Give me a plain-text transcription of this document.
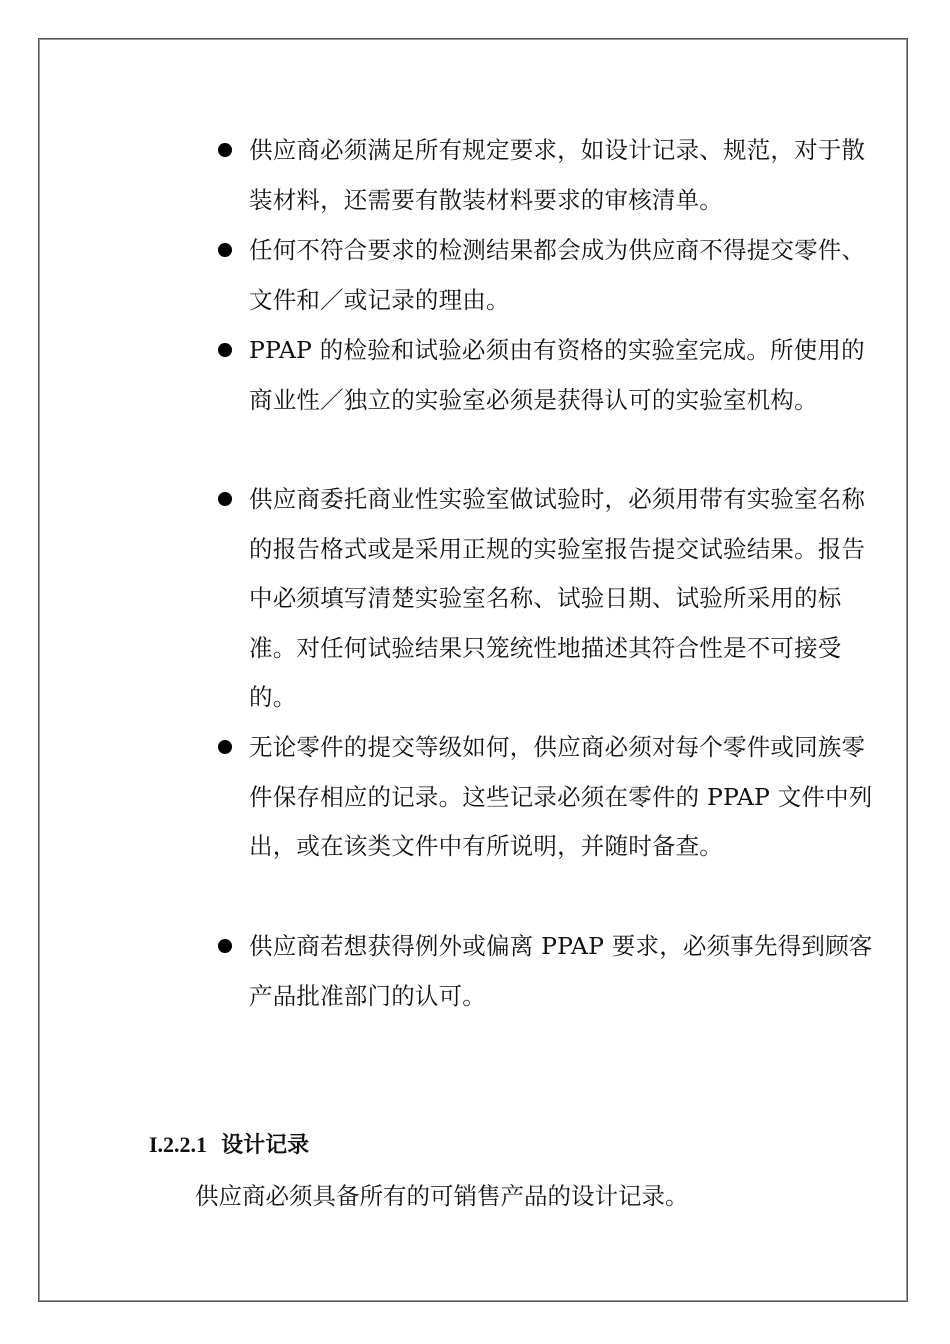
供应商必须满足所有规定要求，如设计记录、规范，对于散装材料，还需要有散装材料要求的审核清单。
任何不符合要求的检测结果都会成为供应商不得提交零件、文件和／或记录的理由。
PPAP 的检验和试验必须由有资格的实验室完成。所使用的商业性／独立的实验室必须是获得认可的实验室机构。
供应商委托商业性实验室做试验时，必须用带有实验室名称的报告格式或是采用正规的实验室报告提交试验结果。报告中必须填写清楚实验室名称、试验日期、试验所采用的标准。对任何试验结果只笼统性地描述其符合性是不可接受的。
无论零件的提交等级如何，供应商必须对每个零件或同族零件保存相应的记录。这些记录必须在零件的 PPAP 文件中列出，或在该类文件中有所说明，并随时备查。
供应商若想获得例外或偏离 PPAP 要求，必须事先得到顾客产品批准部门的认可。
I.2.2.1 设计记录
供应商必须具备所有的可销售产品的设计记录。
